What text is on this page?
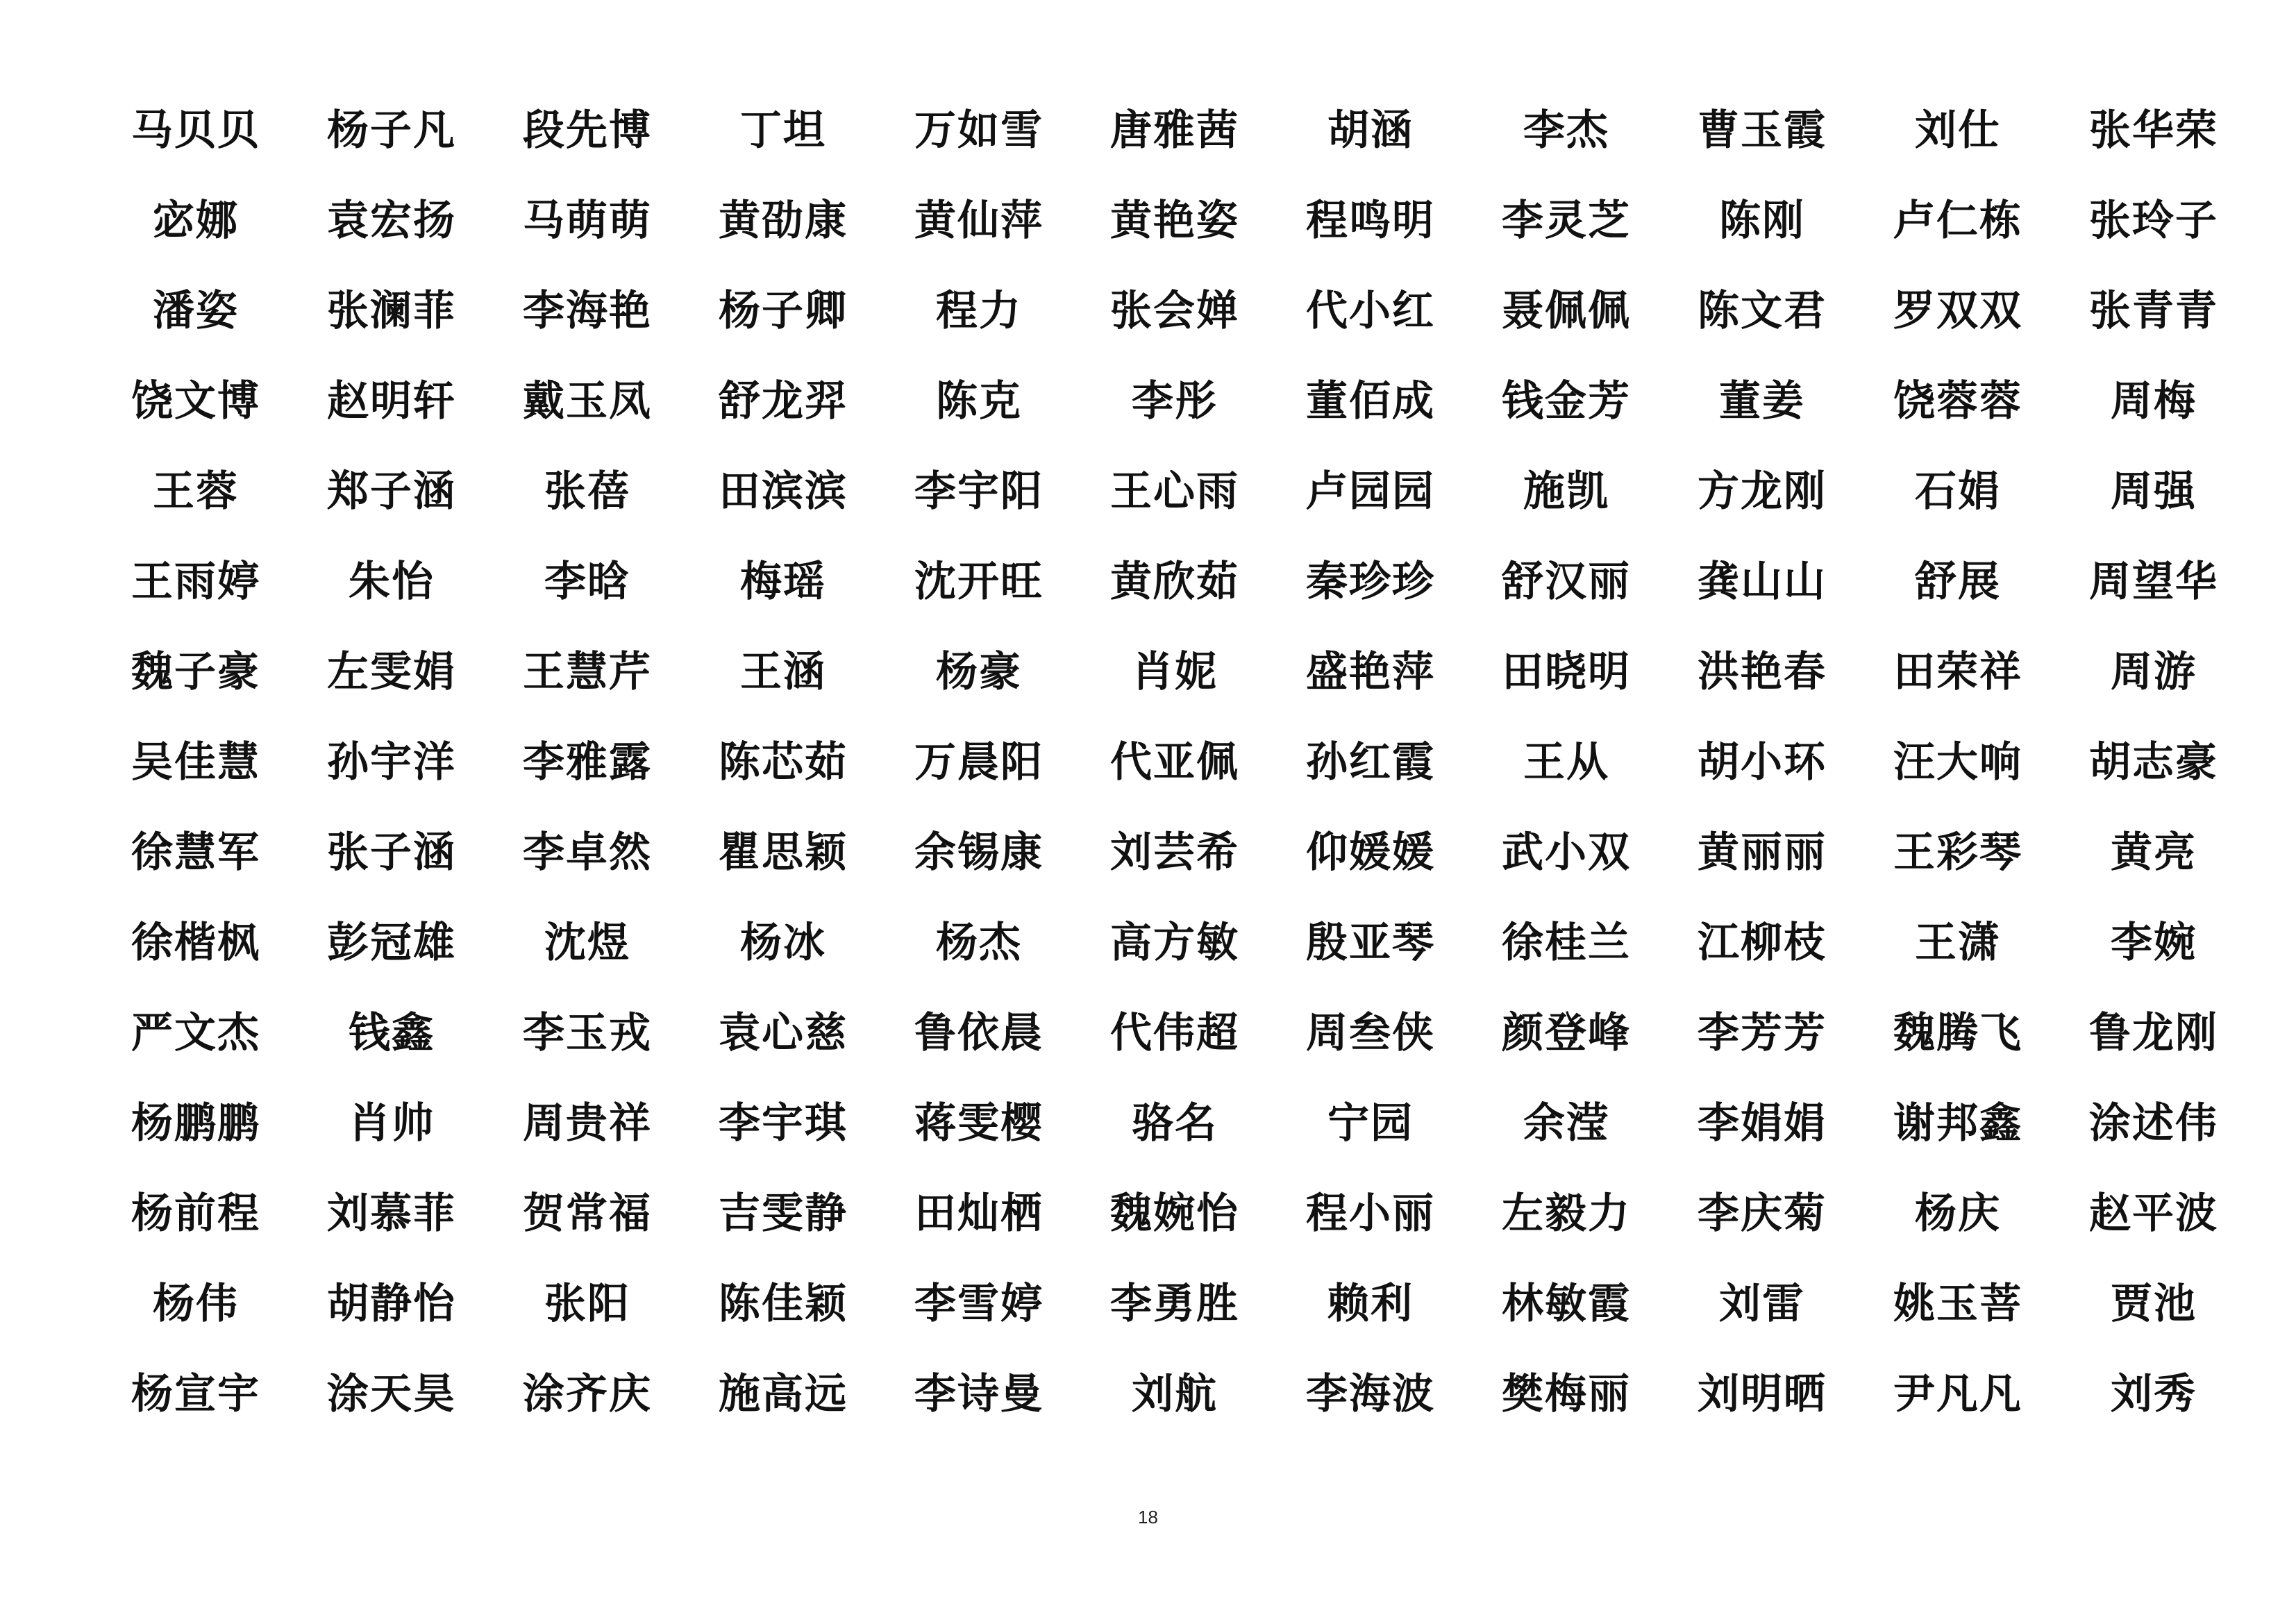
马贝贝	杨子凡	段先博	丁坦	万如雪	唐雅茜	胡涵	李杰	曹玉霞	刘仕	张华荣
宓娜	袁宏扬	马萌萌	黄劭康	黄仙萍	黄艳姿	程鸣明	李灵芝	陈刚	卢仁栋	张玲子
潘姿	张澜菲	李海艳	杨子卿	程力	张会婵	代小红	聂佩佩	陈文君	罗双双	张青青
饶文博	赵明轩	戴玉凤	舒龙羿	陈克	李彤	董佰成	钱金芳	董姜	饶蓉蓉	周梅
王蓉	郑子涵	张蓓	田滨滨	李宇阳	王心雨	卢园园	施凯	方龙刚	石娟	周强
王雨婷	朱怡	李晗	梅瑶	沈开旺	黄欣茹	秦珍珍	舒汉丽	龚山山	舒展	周望华
魏子豪	左雯娟	王慧芹	王涵	杨豪	肖妮	盛艳萍	田晓明	洪艳春	田荣祥	周游
吴佳慧	孙宇洋	李雅露	陈芯茹	万晨阳	代亚佩	孙红霞	王从	胡小环	汪大响	胡志豪
徐慧军	张子涵	李卓然	瞿思颖	余锡康	刘芸希	仰媛媛	武小双	黄丽丽	王彩琴	黄亮
徐楷枫	彭冠雄	沈煜	杨冰	杨杰	高方敏	殷亚琴	徐桂兰	江柳枝	王潇	李婉
严文杰	钱鑫	李玉戎	袁心慈	鲁依晨	代伟超	周叁侠	颜登峰	李芳芳	魏腾飞	鲁龙刚
杨鹏鹏	肖帅	周贵祥	李宇琪	蒋雯樱	骆名	宁园	余滢	李娟娟	谢邦鑫	涂述伟
杨前程	刘慕菲	贺常福	吉雯静	田灿栖	魏婉怡	程小丽	左毅力	李庆菊	杨庆	赵平波
杨伟	胡静怡	张阳	陈佳颖	李雪婷	李勇胜	赖利	林敏霞	刘雷	姚玉菩	贾池
杨宣宇	涂天昊	涂齐庆	施高远	李诗曼	刘航	李海波	樊梅丽	刘明晒	尹凡凡	刘秀
18
